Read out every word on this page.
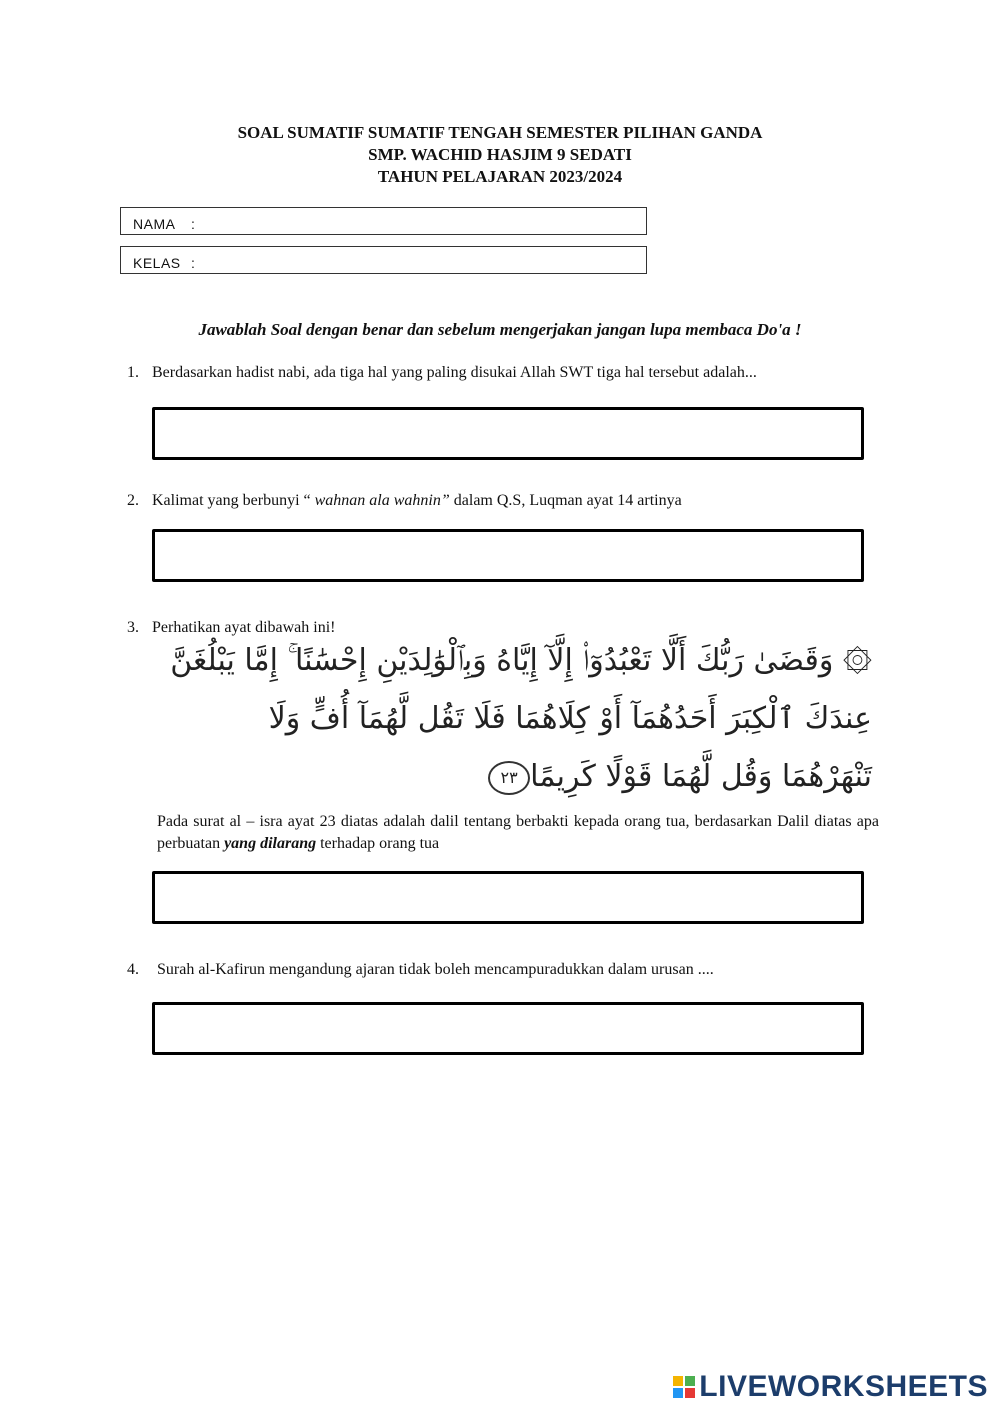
SOAL SUMATIF SUMATIF TENGAH SEMESTER PILIHAN GANDA
SMP. WACHID HASJIM 9 SEDATI
TAHUN PELAJARAN 2023/2024
NAMA :
KELAS :
Jawablah Soal dengan benar dan sebelum mengerjakan jangan lupa membaca Do'a !
1. Berdasarkan hadist nabi, ada tiga hal yang paling disukai Allah SWT tiga hal tersebut adalah...
2. Kalimat yang berbunyi “ wahnan ala wahnin” dalam Q.S, Luqman ayat 14 artinya
3. Perhatikan ayat dibawah ini!
۞ وَقَضَىٰ رَبُّكَ أَلَّا تَعْبُدُوٓا۟ إِلَّآ إِيَّاهُ وَبِٱلْوَٰلِدَيْنِ إِحْسَٰنًا ۚ إِمَّا يَبْلُغَنَّ
عِندَكَ ٱلْكِبَرَ أَحَدُهُمَآ أَوْ كِلَاهُمَا فَلَا تَقُل لَّهُمَآ أُفٍّ وَلَا
تَنْهَرْهُمَا وَقُل لَّهُمَا قَوْلًا كَرِيمًا٢٣
Pada surat al – isra ayat 23 diatas adalah dalil tentang berbakti kepada orang tua, berdasarkan Dalil diatas apa perbuatan yang dilarang terhadap orang tua
4. Surah al-Kafirun mengandung ajaran tidak boleh mencampuradukkan dalam urusan ....
LIVEWORKSHEETS
